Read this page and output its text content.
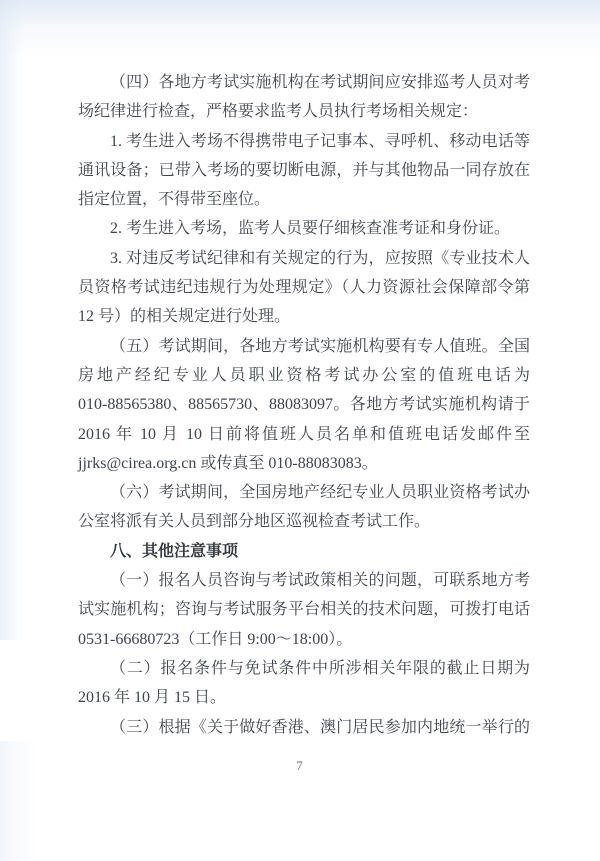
（四）各地方考试实施机构在考试期间应安排巡考人员对考
场纪律进行检查，严格要求监考人员执行考场相关规定：
1. 考生进入考场不得携带电子记事本、寻呼机、移动电话等
通讯设备；已带入考场的要切断电源，并与其他物品一同存放在
指定位置，不得带至座位。
2. 考生进入考场，监考人员要仔细核查准考证和身份证。
3. 对违反考试纪律和有关规定的行为，应按照《专业技术人
员资格考试违纪违规行为处理规定》（人力资源社会保障部令第
12 号）的相关规定进行处理。
（五）考试期间，各地方考试实施机构要有专人值班。全国
房地产经纪专业人员职业资格考试办公室的值班电话为
010-88565380、88565730、88083097。各地方考试实施机构请于
2016 年 10 月 10 日前将值班人员名单和值班电话发邮件至
jjrks@cirea.org.cn 或传真至 010-88083083。
（六）考试期间，全国房地产经纪专业人员职业资格考试办
公室将派有关人员到部分地区巡视检查考试工作。
八、其他注意事项
（一）报名人员咨询与考试政策相关的问题，可联系地方考
试实施机构；咨询与考试服务平台相关的技术问题，可拨打电话
0531-66680723（工作日 9:00～18:00）。
（二）报名条件与免试条件中所涉相关年限的截止日期为
2016 年 10 月 15 日。
（三）根据《关于做好香港、澳门居民参加内地统一举行的
7
